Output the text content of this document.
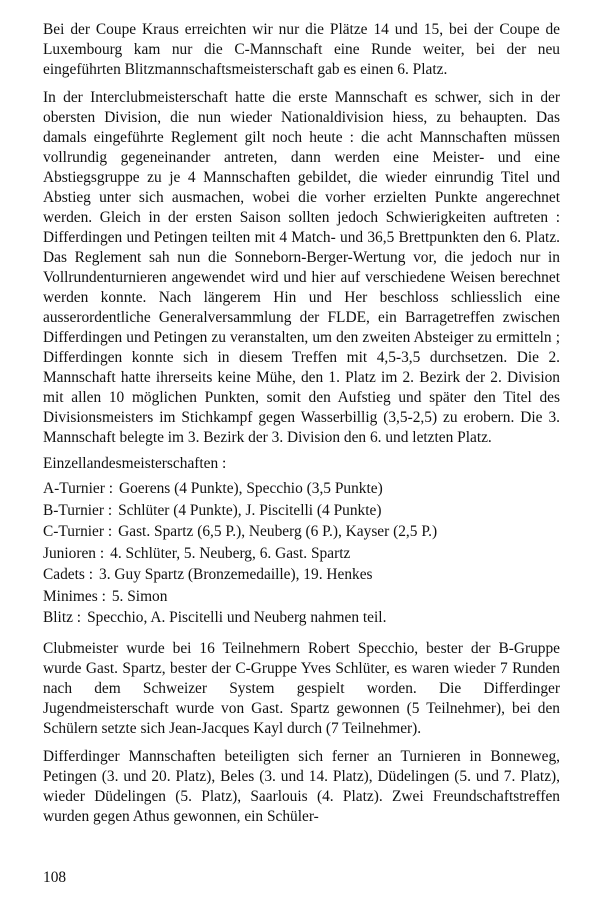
Bei der Coupe Kraus erreichten wir nur die Plätze 14 und 15, bei der Coupe de Luxembourg kam nur die C-Mannschaft eine Runde weiter, bei der neu eingeführten Blitzmannschaftsmeisterschaft gab es einen 6. Platz.

In der Interclubmeisterschaft hatte die erste Mannschaft es schwer, sich in der obersten Division, die nun wieder Nationaldivision hiess, zu behaupten. Das damals eingeführte Reglement gilt noch heute : die acht Mannschaften müssen vollrundig gegeneinander antreten, dann werden eine Meister- und eine Abstiegsgruppe zu je 4 Mannschaften gebildet, die wieder einrundig Titel und Abstieg unter sich ausmachen, wobei die vorher erzielten Punkte angerechnet werden. Gleich in der ersten Saison sollten jedoch Schwierigkeiten auftreten : Differdingen und Petingen teilten mit 4 Match- und 36,5 Brettpunkten den 6. Platz. Das Reglement sah nun die Sonneborn-Berger-Wertung vor, die jedoch nur in Vollrundenturnieren angewendet wird und hier auf verschiedene Weisen berechnet werden konnte. Nach längerem Hin und Her beschloss schliesslich eine ausserordentliche Generalversammlung der FLDE, ein Barragetreffen zwischen Differdingen und Petingen zu veranstalten, um den zweiten Absteiger zu ermitteln ; Differdingen konnte sich in diesem Treffen mit 4,5-3,5 durchsetzen. Die 2. Mannschaft hatte ihrerseits keine Mühe, den 1. Platz im 2. Bezirk der 2. Division mit allen 10 möglichen Punkten, somit den Aufstieg und später den Titel des Divisionsmeisters im Stichkampf gegen Wasserbillig (3,5-2,5) zu erobern. Die 3. Mannschaft belegte im 3. Bezirk der 3. Division den 6. und letzten Platz.

Einzellandesmeisterschaften :

A-Turnier : Goerens (4 Punkte), Specchio (3,5 Punkte)
B-Turnier : Schlüter (4 Punkte), J. Piscitelli (4 Punkte)
C-Turnier : Gast. Spartz (6,5 P.), Neuberg (6 P.), Kayser (2,5 P.)
Junioren : 4. Schlüter, 5. Neuberg, 6. Gast. Spartz
Cadets : 3. Guy Spartz (Bronzemedaille), 19. Henkes
Minimes : 5. Simon
Blitz : Specchio, A. Piscitelli und Neuberg nahmen teil.

Clubmeister wurde bei 16 Teilnehmern Robert Specchio, bester der B-Gruppe wurde Gast. Spartz, bester der C-Gruppe Yves Schlüter, es waren wieder 7 Runden nach dem Schweizer System gespielt worden. Die Differdinger Jugendmeisterschaft wurde von Gast. Spartz gewonnen (5 Teilnehmer), bei den Schülern setzte sich Jean-Jacques Kayl durch (7 Teilnehmer).

Differdinger Mannschaften beteiligten sich ferner an Turnieren in Bonneweg, Petingen (3. und 20. Platz), Beles (3. und 14. Platz), Düdelingen (5. und 7. Platz), wieder Düdelingen (5. Platz), Saarlouis (4. Platz). Zwei Freundschaftstreffen wurden gegen Athus gewonnen, ein Schüler-

108
